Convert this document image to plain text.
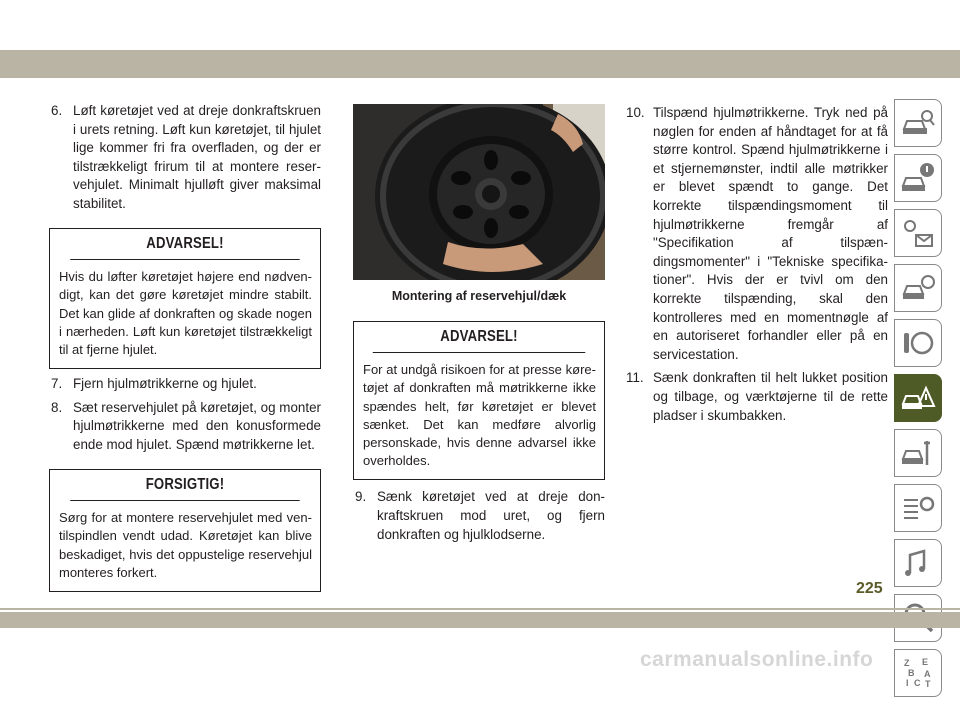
6. Løft køretøjet ved at dreje donkraftskruen i urets retning. Løft kun køretøjet, til hjulet lige kommer fri fra overfladen, og der er tilstrækkeligt frirum til at montere reservehjulet. Minimalt hjulløft giver maksimal stabilitet.
ADVARSEL!
Hvis du løfter køretøjet højere end nødvendigt, kan det gøre køretøjet mindre stabilt. Det kan glide af donkraften og skade nogen i nærheden. Løft kun køretøjet tilstrækkeligt til at fjerne hjulet.
7. Fjern hjulmøtrikkerne og hjulet.
8. Sæt reservehjulet på køretøjet, og monter hjulmøtrikkerne med den konusformede ende mod hjulet. Spænd møtrikkerne let.
FORSIGTIG!
Sørg for at montere reservehjulet med ventilspindlen vendt udad. Køretøjet kan blive beskadiget, hvis det oppustelige reservehjul monteres forkert.
Montering af reservehjul/dæk
ADVARSEL!
For at undgå risikoen for at presse køretøjet af donkraften må møtrikkerne ikke spændes helt, før køretøjet er blevet sænket. Det kan medføre alvorlig personskade, hvis denne advarsel ikke overholdes.
9. Sænk køretøjet ved at dreje donkraftskruen mod uret, og fjern donkraften og hjulklodserne.
10. Tilspænd hjulmøtrikkerne. Tryk ned på nøglen for enden af håndtaget for at få større kontrol. Spænd hjulmøtrikkerne i et stjernemønster, indtil alle møtrikker er blevet spændt to gange. Det korrekte tilspændingsmoment til hjulmøtrikkerne fremgår af "Specifikation af tilspændingsmomenter" i "Tekniske specifikationer". Hvis der er tvivl om den korrekte tilspænding, skal den kontrolleres med en momentnøgle af en autoriseret forhandler eller på en servicestation.
11. Sænk donkraften til helt lukket position og tilbage, og værktøjerne til de rette pladser i skumbakken.
Z E
B A
I C T
225
carmanualsonline.info
